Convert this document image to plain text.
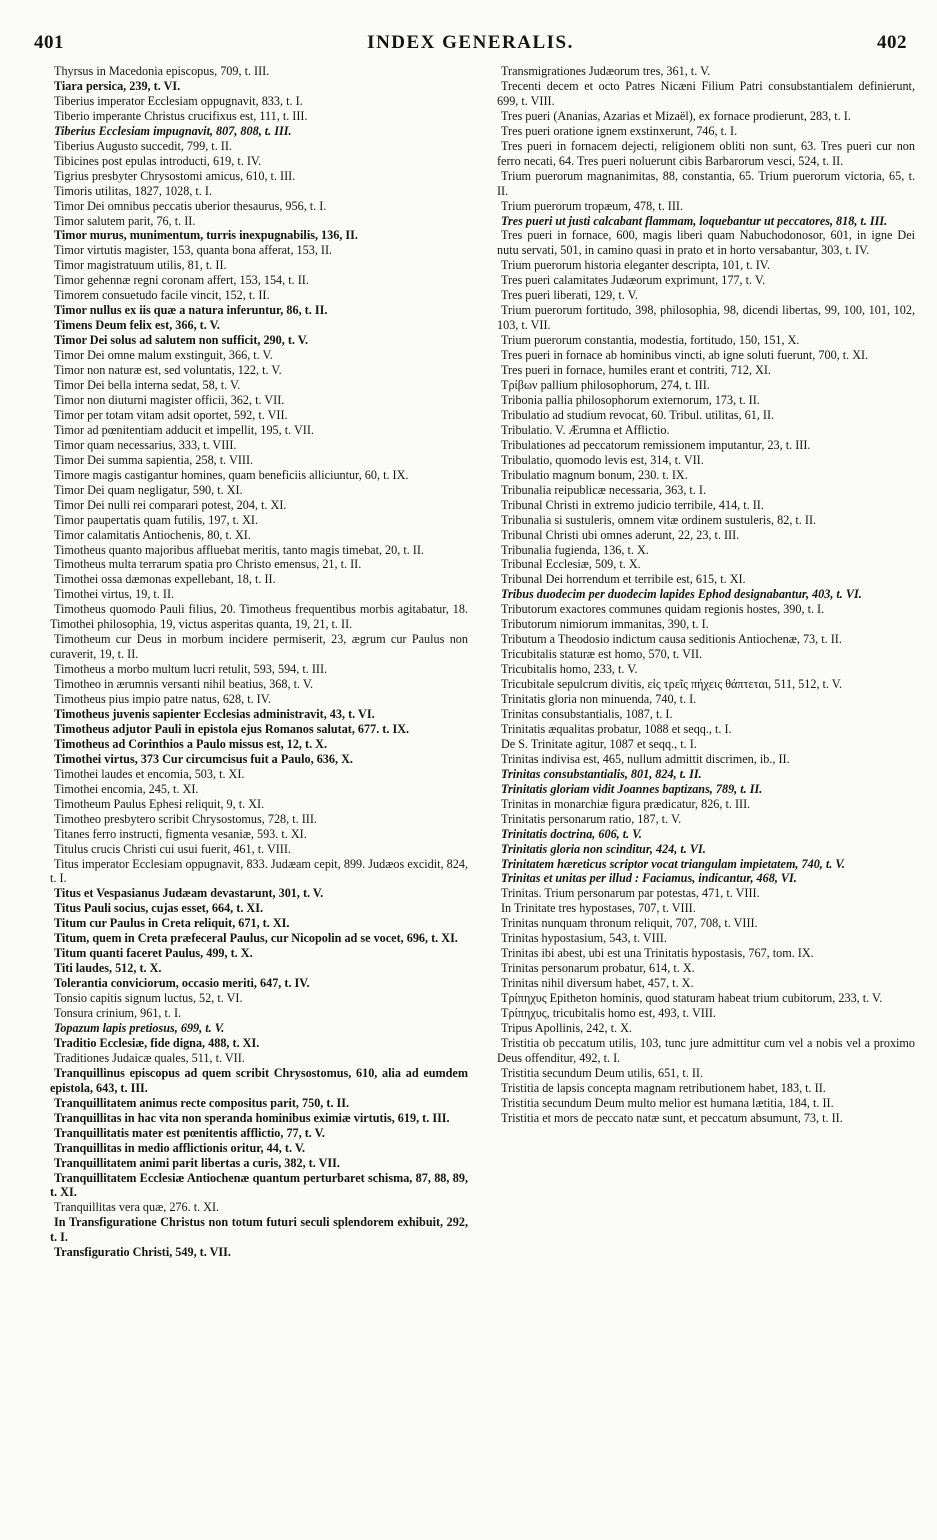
401	INDEX GENERALIS.	402
Thyrsus in Macedonia episcopus, 709, t. III.
Tiara persica, 239, t. VI.
Tiberius imperator Ecclesiam oppugnavit, 833, t. I.
Tiberio imperante Christus crucifixus est, 111, t. III.
Tiberius Ecclesiam impugnavit, 807, 808, t. III.
Tiberius Augusto succedit, 799, t. II.
Tibicines post epulas introducti, 619, t. IV.
Tigrius presbyter Chrysostomi amicus, 610, t. III.
Timoris utilitas, 1827, 1028, t. I.
Timor Dei omnibus peccatis uberior thesaurus, 956, t. I.
Timor salutem parit, 76, t. II.
Timor murus, munimentum, turris inexpugnabilis, 136, II.
Timor virtutis magister, 153, quanta bona afferat, 153, II.
Timor magistratuum utilis, 81, t. II.
Timor gehennæ regni coronam affert, 153, 154, t. II.
Timorem consuetudo facile vincit, 152, t. II.
Timor nullus ex iis quæ a natura inferuntur, 86, t. II.
Timens Deum felix est, 366, t. V.
Timor Dei solus ad salutem non sufficit, 290, t. V.
Timor Dei omne malum exstinguit, 366, t. V.
Timor non naturæ est, sed voluntatis, 122, t. V.
Timor Dei bella interna sedat, 58, t. V.
Timor non diuturni magister officii, 362, t. VII.
Timor per totam vitam adsit oportet, 592, t. VII.
Timor ad pœnitentiam adducit et impellit, 195, t. VII.
Timor quam necessarius, 333, t. VIII.
Timor Dei summa sapientia, 258, t. VIII.
Timore magis castigantur homines, quam beneficiis alliciuntur, 60, t. IX.
Timor Dei quam negligatur, 590, t. XI.
Timor Dei nulli rei comparari potest, 204, t. XI.
Timor paupertatis quam futilis, 197, t. XI.
Timor calamitatis Antiochenis, 80, t. XI.
Timotheus quanto majoribus affluebat meritis, tanto magis timebat, 20, t. II.
Timotheus multa terrarum spatia pro Christo emensus, 21, t. II.
Timothei ossa dæmonas expellebant, 18, t. II.
Timothei virtus, 19, t. II.
Timotheus quomodo Pauli filius, 20. Timotheus frequentibus morbis agitabatur, 18. Timothei philosophia, 19, victus asperitas quanta, 19, 21, t. II.
Timotheum cur Deus in morbum incidere permiserit, 23, ægrum cur Paulus non curaverit, 19, t. II.
Timotheus a morbo multum lucri retulit, 593, 594, t. III.
Timotheo in ærumnis versanti nihil beatius, 368, t. V.
Timotheus pius impio patre natus, 628, t. IV.
Timotheus juvenis sapienter Ecclesias administravit, 43, t. VI.
Timotheus adjutor Pauli in epistola ejus Romanos salutat, 677. t. IX.
Timotheus ad Corinthios a Paulo missus est, 12, t. X.
Timothei virtus, 373 Cur circumcisus fuit a Paulo, 636, X.
Timothei laudes et encomia, 503, t. XI.
Timothei encomia, 245, t. XI.
Timotheum Paulus Ephesi reliquit, 9, t. XI.
Timotheo presbytero scribit Chrysostomus, 728, t. III.
Titanes ferro instructi, figmenta vesaniæ, 593. t. XI.
Titulus crucis Christi cui usui fuerit, 461, t. VIII.
Titus imperator Ecclesiam oppugnavit, 833. Judæam cepit, 899. Judæos excidit, 824, t. I.
Titus et Vespasianus Judæam devastarunt, 301, t. V.
Titus Pauli socius, cujas esset, 664, t. XI.
Titum cur Paulus in Creta reliquit, 671, t. XI.
Titum, quem in Creta præfeceral Paulus, cur Nicopolin ad se vocet, 696, t. XI.
Titum quanti faceret Paulus, 499, t. X.
Titi laudes, 512, t. X.
Tolerantia conviciorum, occasio meriti, 647, t. IV.
Tonsio capitis signum luctus, 52, t. VI.
Tonsura crinium, 961, t. I.
Topazum lapis pretiosus, 699, t. V.
Traditio Ecclesiæ, fide digna, 488, t. XI.
Traditiones Judaicæ quales, 511, t. VII.
Tranquillinus episcopus ad quem scribit Chrysostomus, 610, alia ad eumdem epistola, 643, t. III.
Tranquillitatem animus recte compositus parit, 750, t. II.
Tranquillitas in hac vita non speranda hominibus eximiæ virtutis, 619, t. III.
Tranquillitatis mater est pœnitentis afflictio, 77, t. V.
Tranquillitas in medio afflictionis oritur, 44, t. V.
Tranquillitatem animi parit libertas a curis, 382, t. VII.
Tranquillitatem Ecclesiæ Antiochenæ quantum perturbaret schisma, 87, 88, 89, t. XI.
Tranquillitas vera quæ, 276. t. XI.
In Transfiguratione Christus non totum futuri seculi splendorem exhibuit, 292, t. I.
Transfiguratio Christi, 549, t. VII.
Transmigrationes Judæorum tres, 361, t. V.
Trecenti decem et octo Patres Nicæni Filium Patri consubstantialem definierunt, 699, t. VIII.
Tres pueri (Ananias, Azarias et Mizaël), ex fornace prodierunt, 283, t. I.
Tres pueri oratione ignem exstinxerunt, 746, t. I.
Tres pueri in fornacem dejecti, religionem obliti non sunt, 63. Tres pueri cur non ferro necati, 64. Tres pueri noluerunt cibis Barbarorum vesci, 524, t. II.
Trium puerorum magnanimitas, 88, constantia, 65. Trium puerorum victoria, 65, t. II.
Trium puerorum tropæum, 478, t. III.
Tres pueri ut justi calcabant flammam, loquebantur ut peccatores, 818, t. III.
Tres pueri in fornace, 600, magis liberi quam Nabuchodonosor, 601, in igne Dei nutu servati, 501, in camino quasi in prato et in horto versabantur, 303, t. IV.
Trium puerorum historia eleganter descripta, 101, t. IV.
Tres pueri calamitates Judæorum exprimunt, 177, t. V.
Tres pueri liberati, 129, t. V.
Trium puerorum fortitudo, 398, philosophia, 98, dicendi libertas, 99, 100, 101, 102, 103, t. VII.
Trium puerorum constantia, modestia, fortitudo, 150, 151, X.
Tres pueri in fornace ab hominibus vincti, ab igne soluti fuerunt, 700, t. XI.
Tres pueri in fornace, humiles erant et contriti, 712, XI.
Τρίβων pallium philosophorum, 274, t. III.
Tribonia pallia philosophorum externorum, 173, t. II.
Tribulatio ad studium revocat, 60. Tribul. utilitas, 61, II.
Tribulatio. V. Ærumna et Afflictio.
Tribulationes ad peccatorum remissionem imputantur, 23, t. III.
Tribulatio, quomodo levis est, 314, t. VII.
Tribulatio magnum bonum, 230. t. IX.
Tribunalia reipublicæ necessaria, 363, t. I.
Tribunal Christi in extremo judicio terribile, 414, t. II.
Tribunalia si sustuleris, omnem vitæ ordinem sustuleris, 82, t. II.
Tribunal Christi ubi omnes aderunt, 22, 23, t. III.
Tribunalia fugienda, 136, t. X.
Tribunal Ecclesiæ, 509, t. X.
Tribunal Dei horrendum et terribile est, 615, t. XI.
Tribus duodecim per duodecim lapides Ephod designabantur, 403, t. VI.
Tributorum exactores communes quidam regionis hostes, 390, t. I.
Tributorum nimiorum immanitas, 390, t. I.
Tributum a Theodosio indictum causa seditionis Antiochenæ, 73, t. II.
Tricubitalis staturæ est homo, 570, t. VII.
Tricubitalis homo, 233, t. V.
Tricubitale sepulcrum divitis, εἰς τρεῖς πήχεις θάπτεται, 511, 512, t. V.
Trinitatis gloria non minuenda, 740, t. I.
Trinitas consubstantialis, 1087, t. I.
Trinitatis æqualitas probatur, 1088 et seqq., t. I.
De S. Trinitate agitur, 1087 et seqq., t. I.
Trinitas indivisa est, 465, nullum admittit discrimen, ib., II.
Trinitas consubstantialis, 801, 824, t. II.
Trinitatis gloriam vidit Joannes baptizans, 789, t. II.
Trinitas in monarchiæ figura prædicatur, 826, t. III.
Trinitatis personarum ratio, 187, t. V.
Trinitatis doctrina, 606, t. V.
Trinitatis gloria non scinditur, 424, t. VI.
Trinitatem hæreticus scriptor vocat triangulam impietatem, 740, t. V.
Trinitas et unitas per illud : Faciamus, indicantur, 468, VI.
Trinitas. Trium personarum par potestas, 471, t. VIII.
In Trinitate tres hypostases, 707, t. VIII.
Trinitas nunquam thronum reliquit, 707, 708, t. VIII.
Trinitas hypostasium, 543, t. VIII.
Trinitas ibi abest, ubi est una Trinitatis hypostasis, 767, tom. IX.
Trinitas personarum probatur, 614, t. X.
Trinitas nihil diversum habet, 457, t. X.
Τρίπηχυς Epitheton hominis, quod staturam habeat trium cubitorum, 233, t. V.
Τρίπηχυς, tricubitalis homo est, 493, t. VIII.
Tripus Apollinis, 242, t. X.
Tristitia ob peccatum utilis, 103, tunc jure admittitur cum vel a nobis vel a proximo Deus offenditur, 492, t. I.
Tristitia secundum Deum utilis, 651, t. II.
Tristitia de lapsis concepta magnam retributionem habet, 183, t. II.
Tristitia secundum Deum multo melior est humana lætitia, 184, t. II.
Tristitia et mors de peccato natæ sunt, et peccatum absumunt, 73, t. II.
